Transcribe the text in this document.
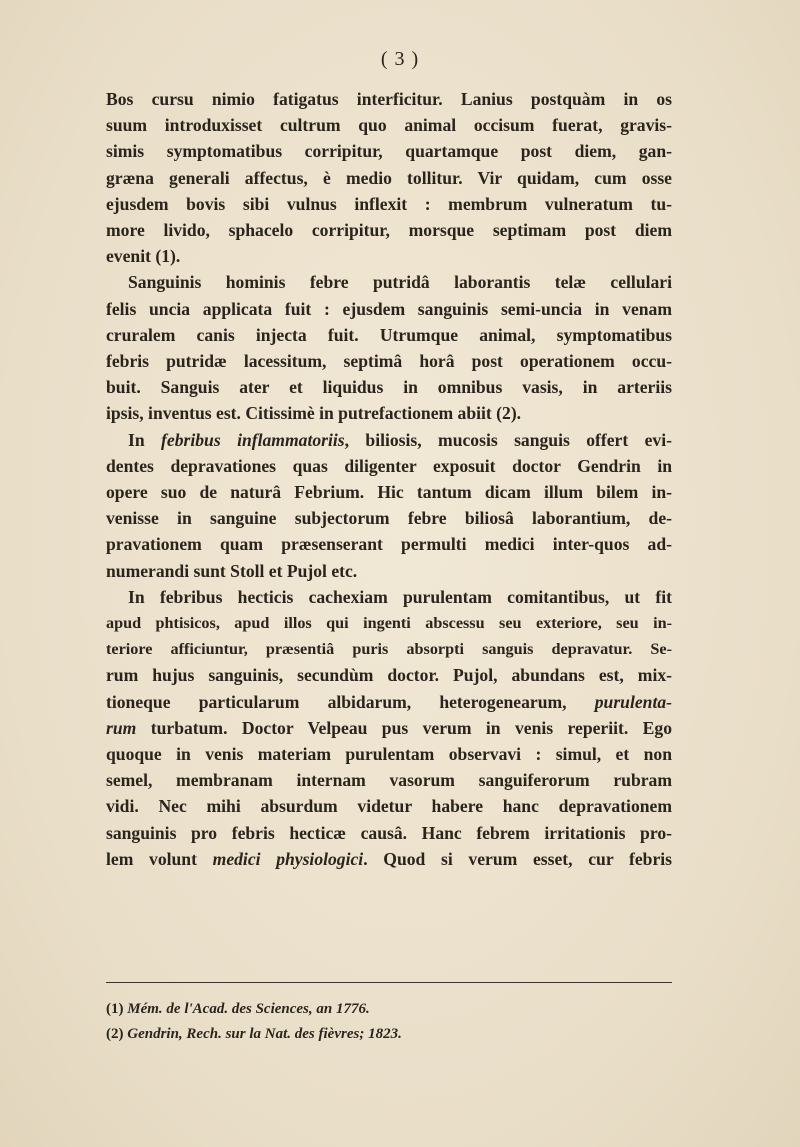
( 3 )
Bos cursu nimio fatigatus interficitur. Lanius postquàm in os
suum introduxisset cultrum quo animal occisum fuerat, gravis-
simis symptomatibus corripitur, quartamque post diem, gan-
græna generali affectus, è medio tollitur. Vir quidam, cum osse
ejusdem bovis sibi vulnus inflexit : membrum vulneratum tu-
more livido, sphacelo corripitur, morsque septimam post diem
evenit (1).
Sanguinis hominis febre putridâ laborantis telæ cellulari
felis uncia applicata fuit : ejusdem sanguinis semi-uncia in venam
cruralem canis injecta fuit. Utrumque animal, symptomatibus
febris putridæ lacessitum, septimâ horâ post operationem occu-
buit. Sanguis ater et liquidus in omnibus vasis, in arteriis
ipsis, inventus est. Citissimè in putrefactionem abiit (2).
In febribus inflammatoriis, biliosis, mucosis sanguis offert evi-
dentes depravationes quas diligenter exposuit doctor Gendrin in
opere suo de naturâ Febrium. Hic tantum dicam illum bilem in-
venisse in sanguine subjectorum febre biliosâ laborantium, de-
pravationem quam præsenserant permulti medici inter-quos ad-
numerandi sunt Stoll et Pujol etc.
In febribus hecticis cachexiam purulentam comitantibus, ut fit
apud phtisicos, apud illos qui ingenti abscessu seu exteriore, seu in-
teriore afficiuntur, præsentiâ puris absorpti sanguis depravatur. Se-
rum hujus sanguinis, secundùm doctor. Pujol, abundans est, mix-
tioneque particularum albidarum, heterogenearum, purulenta-
rum turbatum. Doctor Velpeau pus verum in venis reperiit. Ego
quoque in venis materiam purulentam observavi : simul, et non
semel, membranam internam vasorum sanguiferorum rubram
vidi. Nec mihi absurdum videtur habere hanc depravationem
sanguinis pro febris hecticæ causâ. Hanc febrem irritationis pro-
lem volunt medici physiologici. Quod si verum esset, cur febris
(1) Mém. de l'Acad. des Sciences, an 1776.
(2) Gendrin, Rech. sur la Nat. des fièvres; 1823.
